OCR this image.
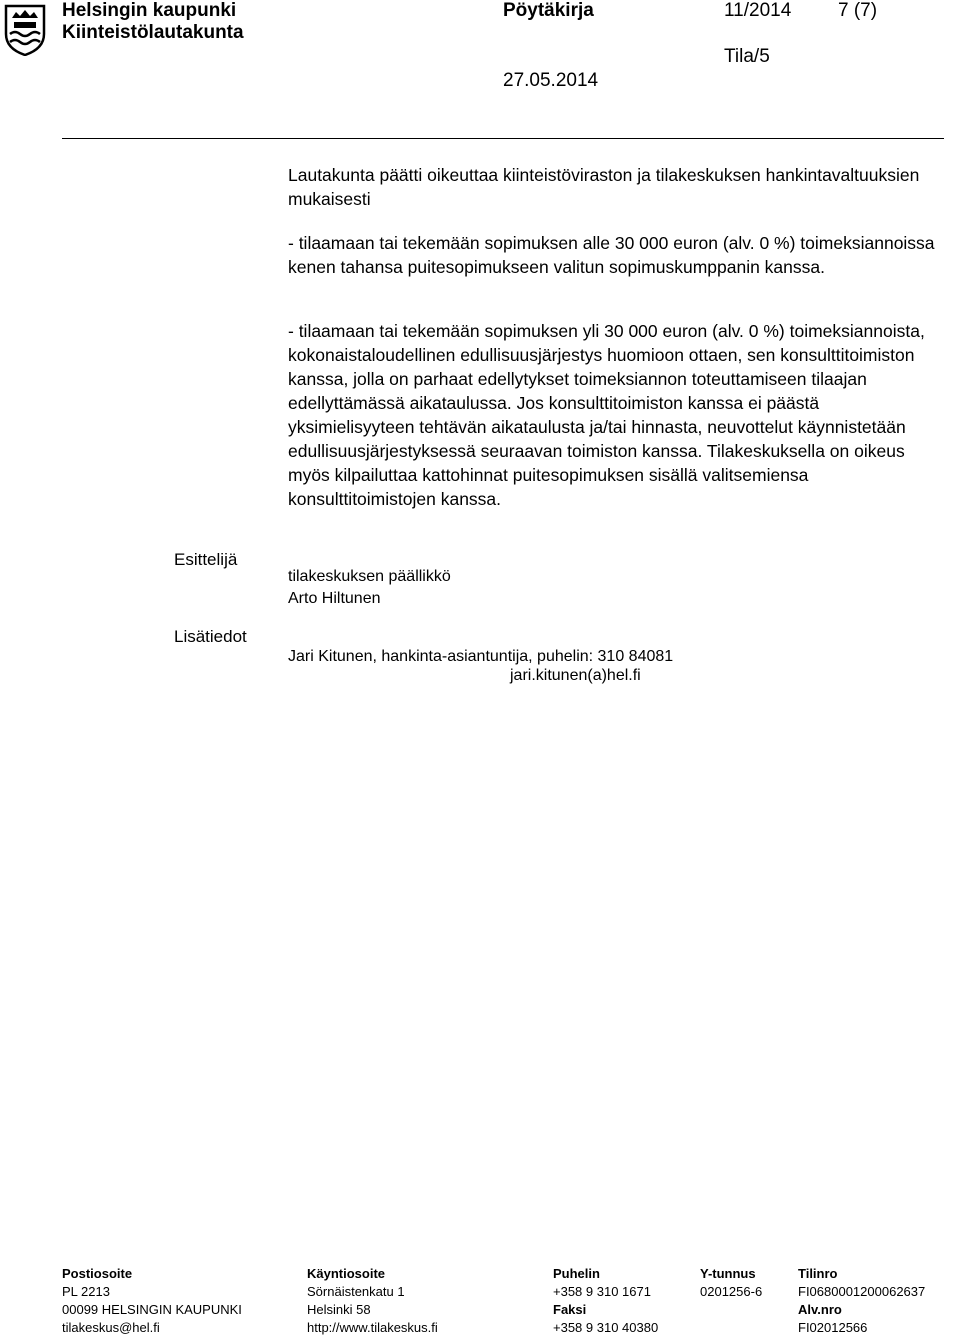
Helsingin kaupunki
Kiinteistölautakunta
Pöytäkirja	11/2014 7 (7)
Tila/5
27.05.2014
Lautakunta päätti oikeuttaa kiinteistöviraston ja tilakeskuksen hankintavaltuuksien mukaisesti
- tilaamaan tai tekemään sopimuksen alle 30 000 euron (alv. 0 %) toimeksiannoissa kenen tahansa puitesopimukseen valitun sopimuskumppanin kanssa.
- tilaamaan tai tekemään sopimuksen yli 30 000 euron (alv. 0 %) toimeksiannoista, kokonaistaloudellinen edullisuusjärjestys huomioon ottaen, sen konsulttitoimiston kanssa, jolla on parhaat edellytykset toimeksiannon toteuttamiseen tilaajan edellyttämässä aikataulussa. Jos konsulttitoimiston kanssa ei päästä yksimielisyyteen tehtävän aikataulusta ja/tai hinnasta, neuvottelut käynnistetään edullisuusjärjestyksessä seuraavan toimiston kanssa. Tilakeskuksella on oikeus myös kilpailuttaa kattohinnat puitesopimuksen sisällä valitsemiensa konsulttitoimistojen kanssa.
Esittelijä
tilakeskuksen päällikkö
Arto Hiltunen
Lisätiedot
Jari Kitunen, hankinta-asiantuntija, puhelin: 310 84081
jari.kitunen(a)hel.fi
Postiosoite
PL 2213
00099 HELSINGIN KAUPUNKI
tilakeskus@hel.fi
Käyntiosoite
Sörnäistenkatu 1
Helsinki 58
http://www.tilakeskus.fi
Puhelin
+358 9 310 1671
Faksi
+358 9 310 40380
Y-tunnus
0201256-6
Tilinro
FI0680001200062637
Alv.nro
FI02012566
